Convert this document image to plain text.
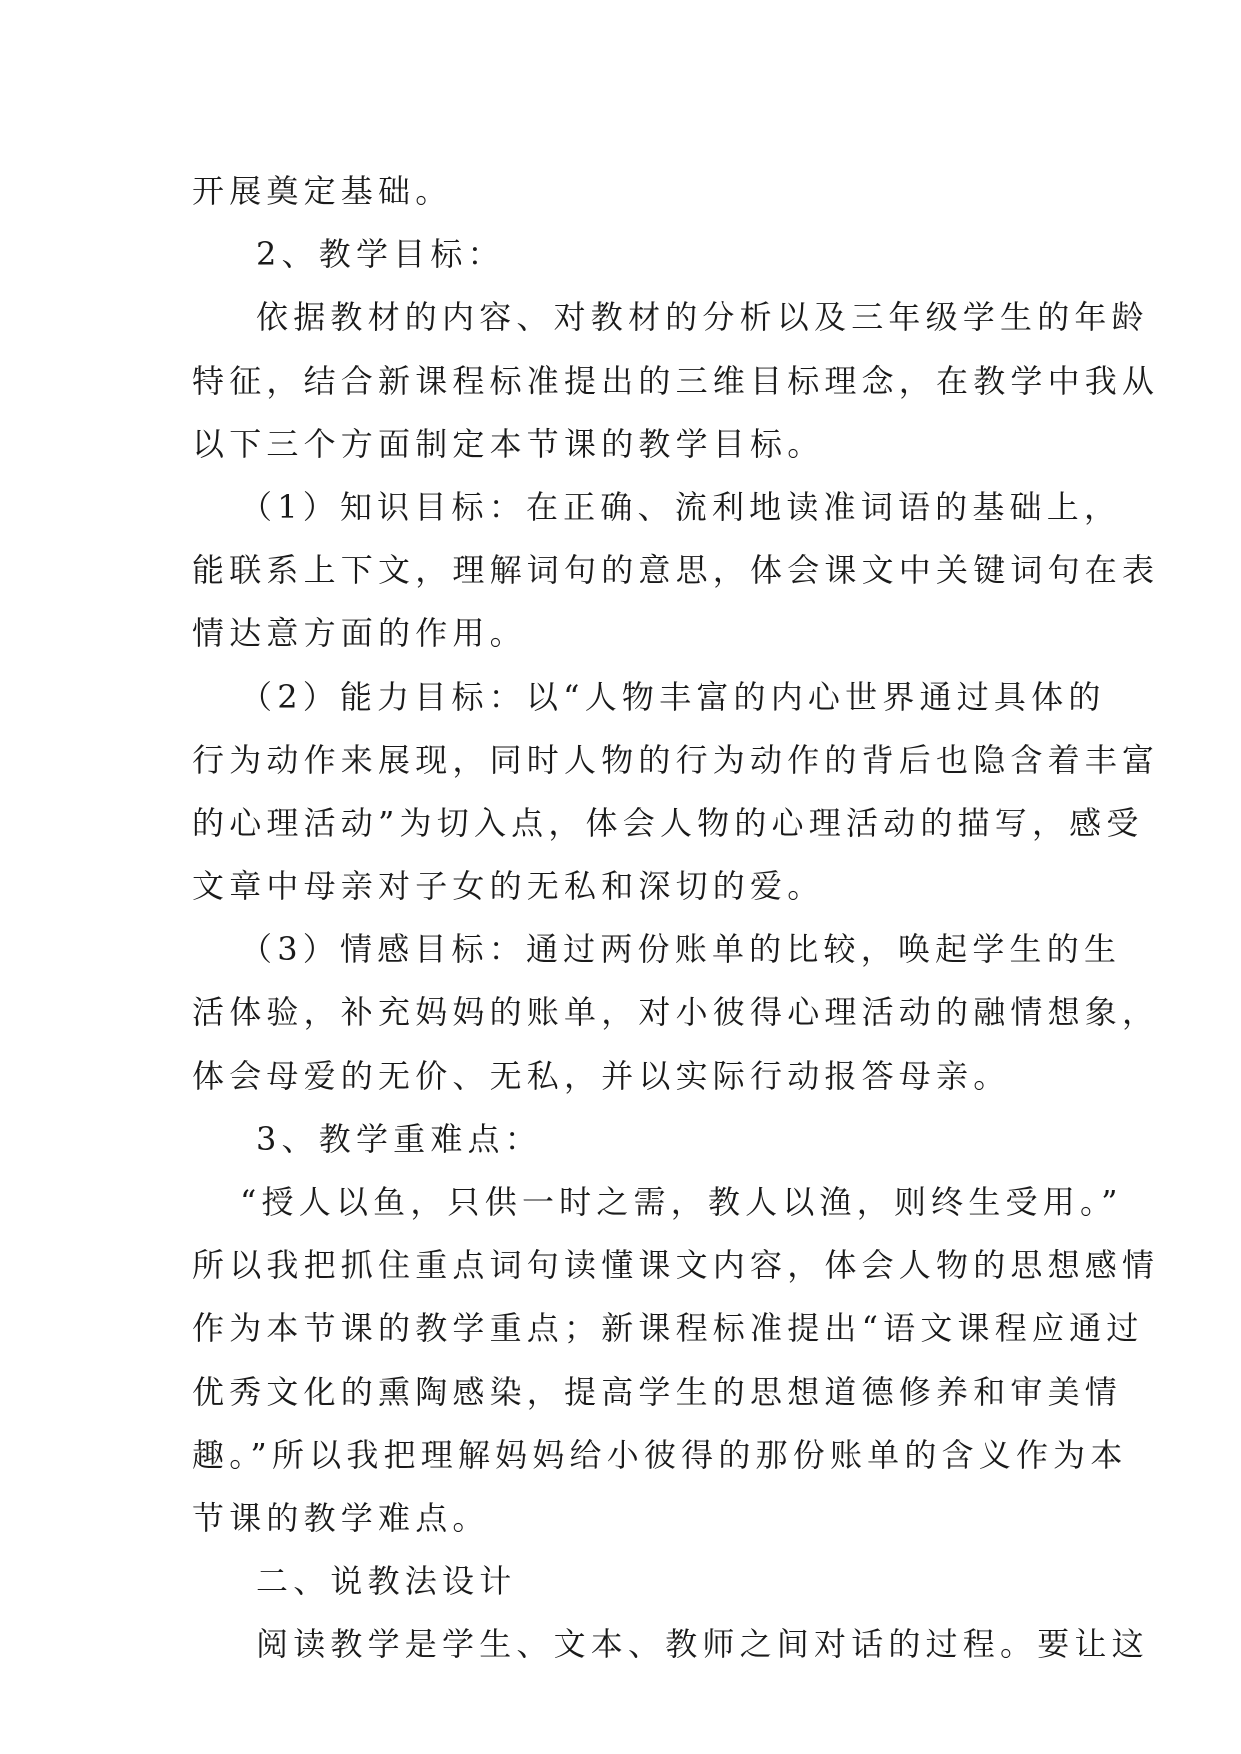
开展奠定基础。
2、教学目标：
依据教材的内容、对教材的分析以及三年级学生的年龄
特征，结合新课程标准提出的三维目标理念，在教学中我从
以下三个方面制定本节课的教学目标。
（1）知识目标：在正确、流利地读准词语的基础上，
能联系上下文，理解词句的意思，体会课文中关键词句在表
情达意方面的作用。
（2）能力目标：以“人物丰富的内心世界通过具体的
行为动作来展现，同时人物的行为动作的背后也隐含着丰富
的心理活动”为切入点，体会人物的心理活动的描写，感受
文章中母亲对子女的无私和深切的爱。
（3）情感目标：通过两份账单的比较，唤起学生的生
活体验，补充妈妈的账单，对小彼得心理活动的融情想象，
体会母爱的无价、无私，并以实际行动报答母亲。
3、教学重难点：
“授人以鱼，只供一时之需，教人以渔，则终生受用。”
所以我把抓住重点词句读懂课文内容，体会人物的思想感情
作为本节课的教学重点；新课程标准提出“语文课程应通过
优秀文化的熏陶感染，提高学生的思想道德修养和审美情
趣。”所以我把理解妈妈给小彼得的那份账单的含义作为本
节课的教学难点。
二、说教法设计
阅读教学是学生、文本、教师之间对话的过程。要让这
